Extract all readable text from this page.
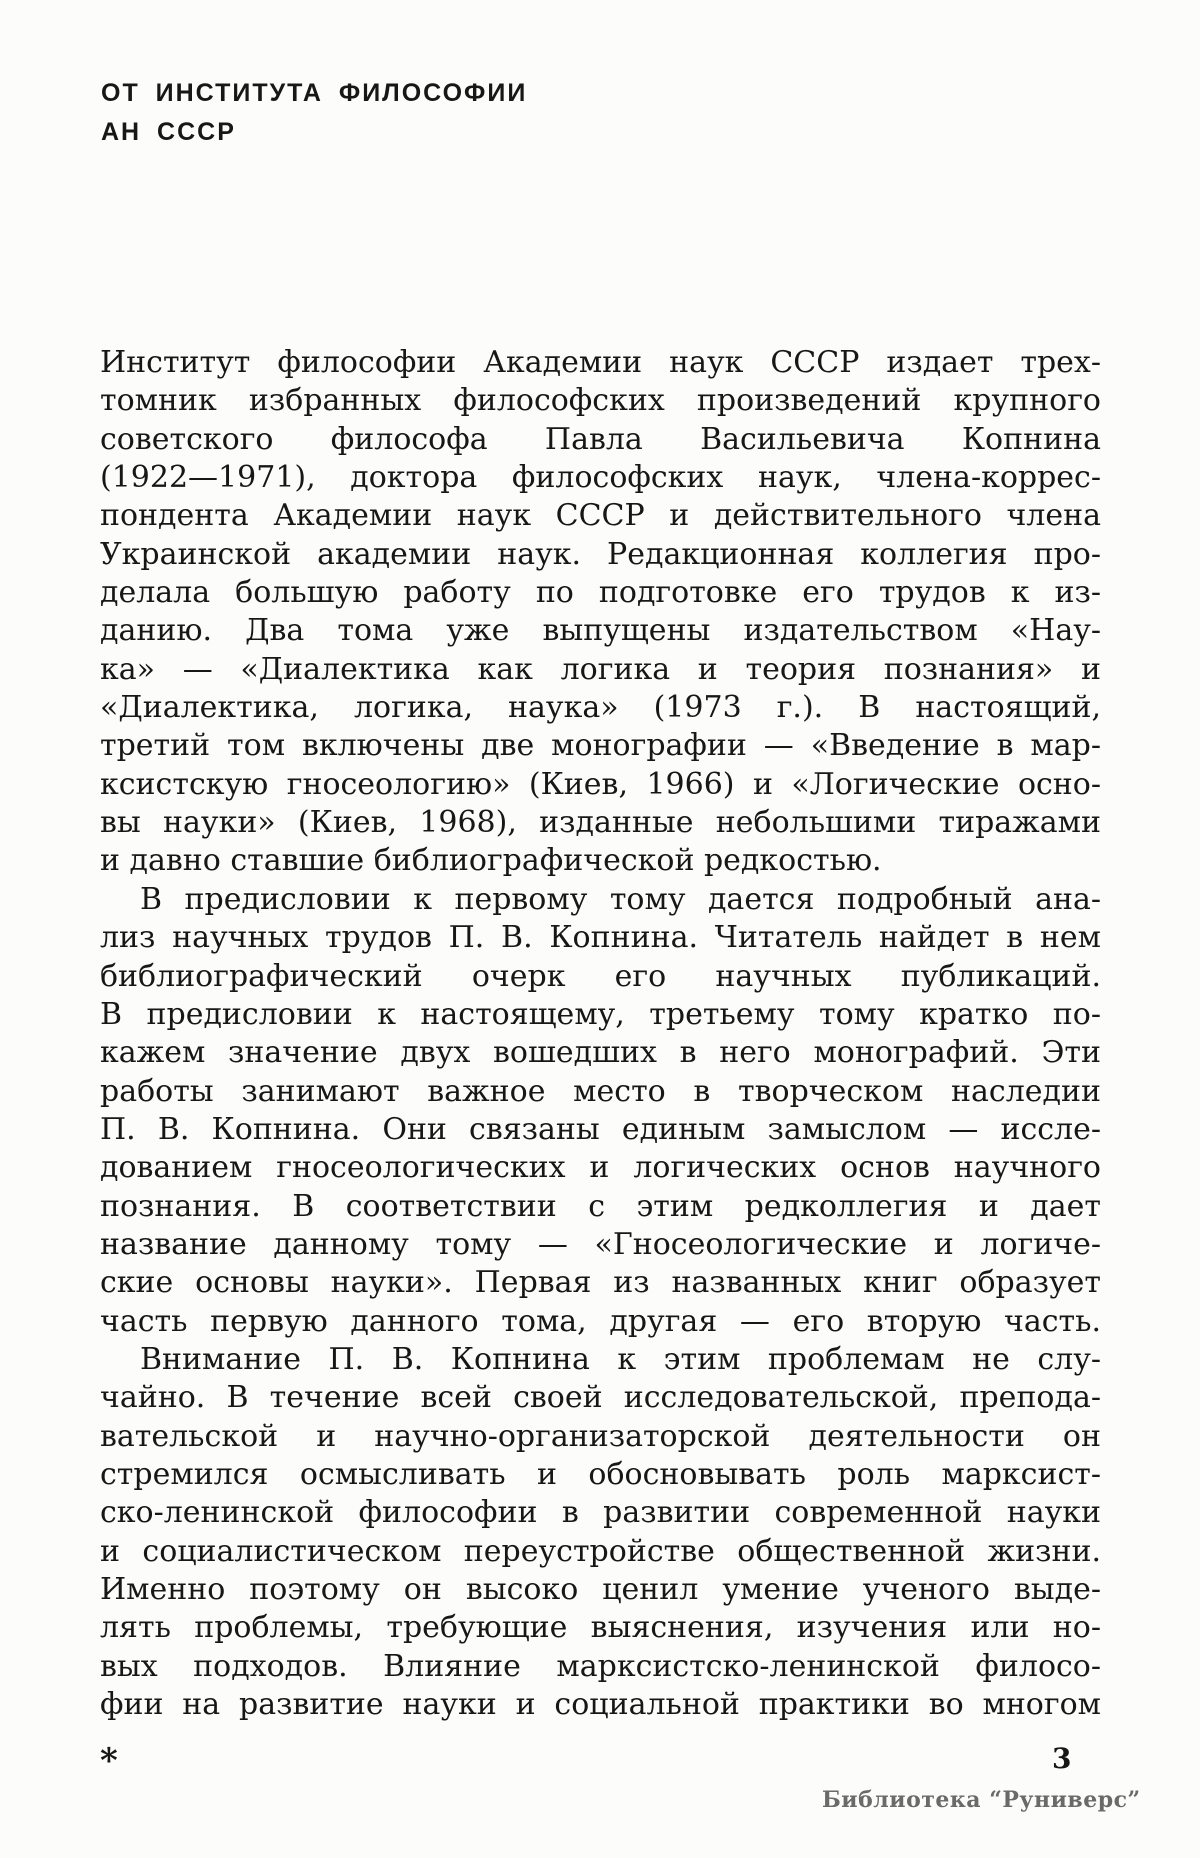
ОТ ИНСТИТУТА ФИЛОСОФИИ
АН СССР
Институт философии Академии наук СССР издает трех-
томник избранных философских произведений крупного
советского философа Павла Васильевича Копнина
(1922—1971), доктора философских наук, члена-коррес-
пондента Академии наук СССР и действительного члена
Украинской академии наук. Редакционная коллегия про-
делала большую работу по подготовке его трудов к из-
данию. Два тома уже выпущены издательством «Нау-
ка» — «Диалектика как логика и теория познания» и
«Диалектика, логика, наука» (1973 г.). В настоящий,
третий том включены две монографии — «Введение в мар-
ксистскую гносеологию» (Киев, 1966) и «Логические осно-
вы науки» (Киев, 1968), изданные небольшими тиражами
и давно ставшие библиографической редкостью.
В предисловии к первому тому дается подробный ана-
лиз научных трудов П. В. Копнина. Читатель найдет в нем
библиографический очерк его научных публикаций.
В предисловии к настоящему, третьему тому кратко по-
кажем значение двух вошедших в него монографий. Эти
работы занимают важное место в творческом наследии
П. В. Копнина. Они связаны единым замыслом — иссле-
дованием гносеологических и логических основ научного
познания. В соответствии с этим редколлегия и дает
название данному тому — «Гносеологические и логиче-
ские основы науки». Первая из названных книг образует
часть первую данного тома, другая — его вторую часть.
Внимание П. В. Копнина к этим проблемам не слу-
чайно. В течение всей своей исследовательской, препода-
вательской и научно-организаторской деятельности он
стремился осмысливать и обосновывать роль марксист-
ско-ленинской философии в развитии современной науки
и социалистическом переустройстве общественной жизни.
Именно поэтому он высоко ценил умение ученого выде-
лять проблемы, требующие выяснения, изучения или но-
вых подходов. Влияние марксистско-ленинской филосо-
фии на развитие науки и социальной практики во многом
*	3
Библиотека “Руниверс”
